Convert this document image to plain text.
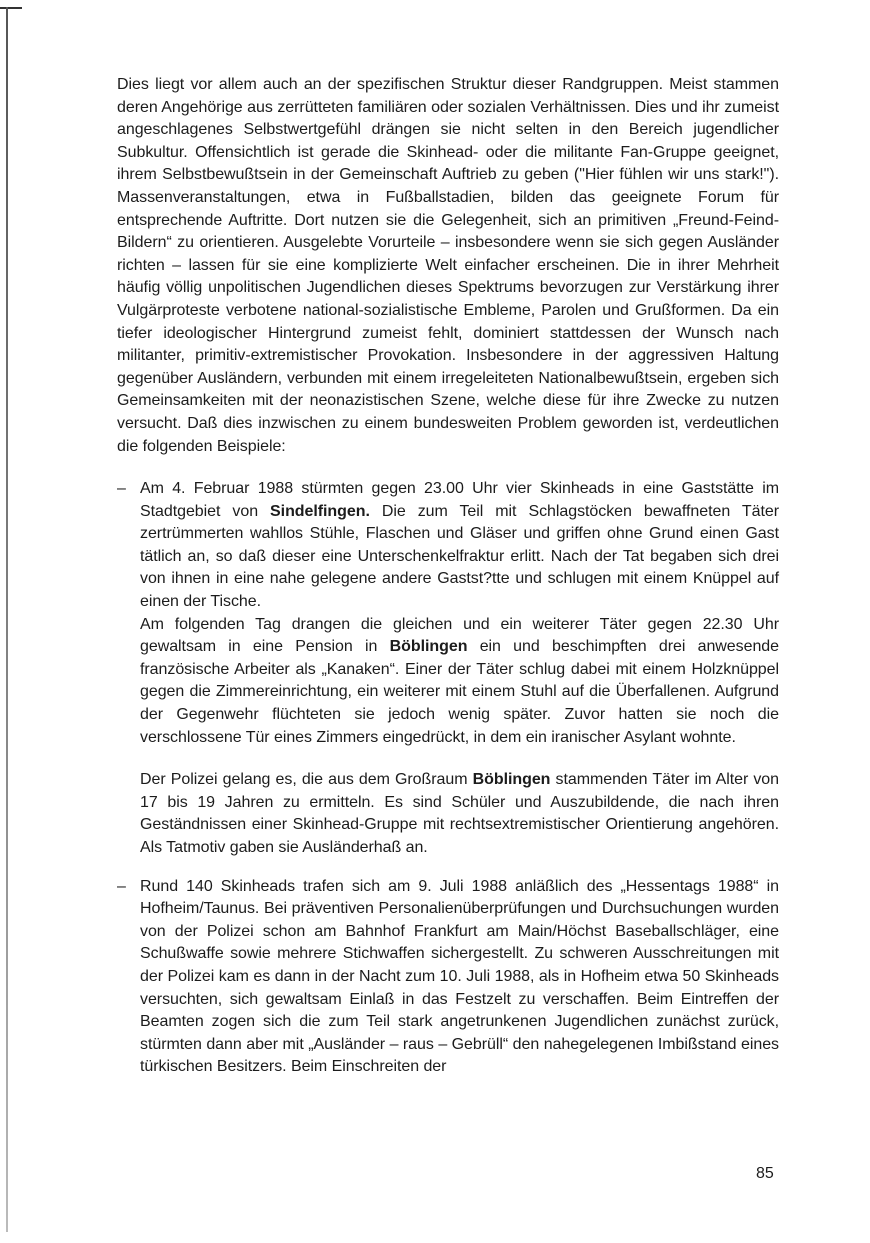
Dies liegt vor allem auch an der spezifischen Struktur dieser Randgruppen. Meist stammen deren Angehörige aus zerrütteten familiären oder sozialen Verhältnissen. Dies und ihr zumeist angeschlagenes Selbstwertgefühl drängen sie nicht selten in den Bereich jugendlicher Subkultur. Offensichtlich ist gerade die Skinhead- oder die militante Fan-Gruppe geeignet, ihrem Selbstbewußtsein in der Gemeinschaft Auftrieb zu geben ("Hier fühlen wir uns stark!"). Massenveranstaltungen, etwa in Fußballstadien, bilden das geeignete Forum für entsprechende Auftritte. Dort nutzen sie die Gelegenheit, sich an primitiven „Freund-Feind-Bildern“ zu orientieren. Ausgelebte Vorurteile – insbesondere wenn sie sich gegen Ausländer richten – lassen für sie eine komplizierte Welt einfacher erscheinen. Die in ihrer Mehrheit häufig völlig unpolitischen Jugendlichen dieses Spektrums bevorzugen zur Verstärkung ihrer Vulgärproteste verbotene national-sozialistische Embleme, Parolen und Grußformen. Da ein tiefer ideologischer Hintergrund zumeist fehlt, dominiert stattdessen der Wunsch nach militanter, primitiv-extremistischer Provokation. Insbesondere in der aggressiven Haltung gegenüber Ausländern, verbunden mit einem irregeleiteten Nationalbewußtsein, ergeben sich Gemeinsamkeiten mit der neonazistischen Szene, welche diese für ihre Zwecke zu nutzen versucht. Daß dies inzwischen zu einem bundesweiten Problem geworden ist, verdeutlichen die folgenden Beispiele:

– Am 4. Februar 1988 stürmten gegen 23.00 Uhr vier Skinheads in eine Gaststätte im Stadtgebiet von Sindelfingen. Die zum Teil mit Schlagstöcken bewaffneten Täter zertrümmerten wahllos Stühle, Flaschen und Gläser und griffen ohne Grund einen Gast tätlich an, so daß dieser eine Unterschenkelfraktur erlitt. Nach der Tat begaben sich drei von ihnen in eine nahe gelegene andere Gastst?tte und schlugen mit einem Knüppel auf einen der Tische.

Am folgenden Tag drangen die gleichen und ein weiterer Täter gegen 22.30 Uhr gewaltsam in eine Pension in Böblingen ein und beschimpften drei anwesende französische Arbeiter als „Kanaken“. Einer der Täter schlug dabei mit einem Holzknüppel gegen die Zimmereinrichtung, ein weiterer mit einem Stuhl auf die Überfallenen. Aufgrund der Gegenwehr flüchteten sie jedoch wenig später. Zuvor hatten sie noch die verschlossene Tür eines Zimmers eingedrückt, in dem ein iranischer Asylant wohnte.

Der Polizei gelang es, die aus dem Großraum Böblingen stammenden Täter im Alter von 17 bis 19 Jahren zu ermitteln. Es sind Schüler und Auszubildende, die nach ihren Geständnissen einer Skinhead-Gruppe mit rechtsextremistischer Orientierung angehören. Als Tatmotiv gaben sie Ausländerhaß an.

– Rund 140 Skinheads trafen sich am 9. Juli 1988 anläßlich des „Hessentags 1988“ in Hofheim/Taunus. Bei präventiven Personalienüberprüfungen und Durchsuchungen wurden von der Polizei schon am Bahnhof Frankfurt am Main/Höchst Baseballschläger, eine Schußwaffe sowie mehrere Stichwaffen sichergestellt. Zu schweren Ausschreitungen mit der Polizei kam es dann in der Nacht zum 10. Juli 1988, als in Hofheim etwa 50 Skinheads versuchten, sich gewaltsam Einlaß in das Festzelt zu verschaffen. Beim Eintreffen der Beamten zogen sich die zum Teil stark angetrunkenen Jugendlichen zunächst zurück, stürmten dann aber mit „Ausländer – raus – Gebrüll“ den nahegelegenen Imbißstand eines türkischen Besitzers. Beim Einschreiten der

85
